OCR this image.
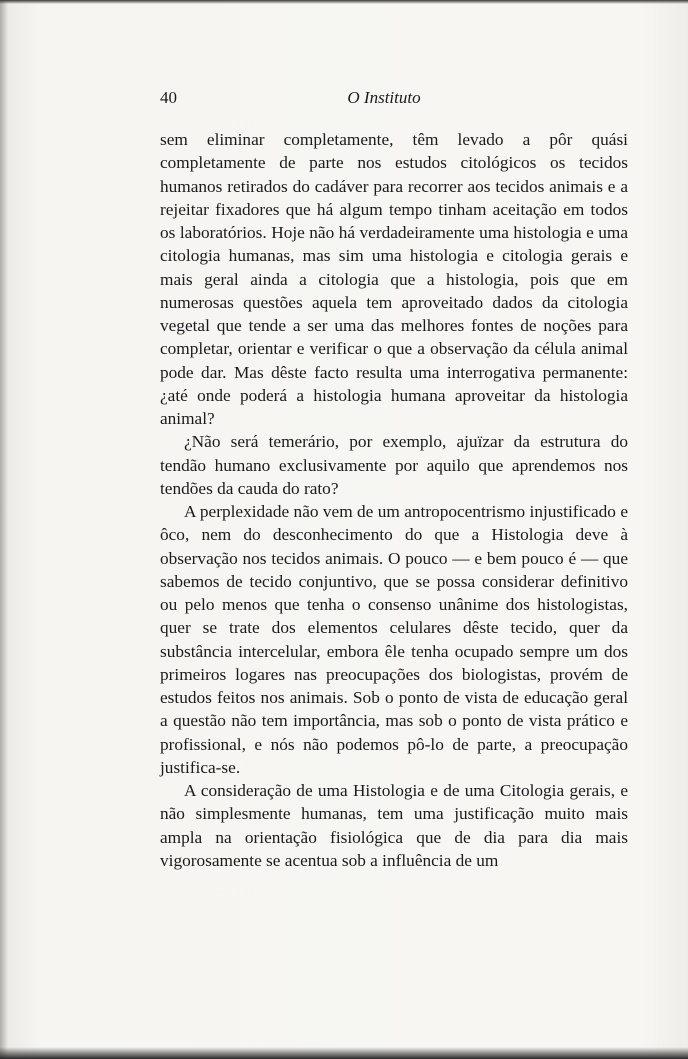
40	O Instituto

sem eliminar completamente, têm levado a pôr quási completamente de parte nos estudos citológicos os tecidos humanos retirados do cadáver para recorrer aos tecidos animais e a rejeitar fixadores que há algum tempo tinham aceitação em todos os laboratórios. Hoje não há verdadeiramente uma histologia e uma citologia humanas, mas sim uma histologia e citologia gerais e mais geral ainda a citologia que a histologia, pois que em numerosas questões aquela tem aproveitado dados da citologia vegetal que tende a ser uma das melhores fontes de noções para completar, orientar e verificar o que a observação da célula animal pode dar. Mas dêste facto resulta uma interrogativa permanente: ¿até onde poderá a histologia humana aproveitar da histologia animal?

¿Não será temerário, por exemplo, ajuïzar da estrutura do tendão humano exclusivamente por aquilo que aprendemos nos tendões da cauda do rato?

A perplexidade não vem de um antropocentrismo injustificado e ôco, nem do desconhecimento do que a Histologia deve à observação nos tecidos animais. O pouco — e bem pouco é — que sabemos de tecido conjuntivo, que se possa considerar definitivo ou pelo menos que tenha o consenso unânime dos histologistas, quer se trate dos elementos celulares dêste tecido, quer da substância intercelular, embora êle tenha ocupado sempre um dos primeiros logares nas preocupações dos biologistas, provém de estudos feitos nos animais. Sob o ponto de vista de educação geral a questão não tem importância, mas sob o ponto de vista prático e profissional, e nós não podemos pô-lo de parte, a preocupação justifica-se.

A consideração de uma Histologia e de uma Citologia gerais, e não simplesmente humanas, tem uma justificação muito mais ampla na orientação fisiológica que de dia para dia mais vigorosamente se acentua sob a influência de um
